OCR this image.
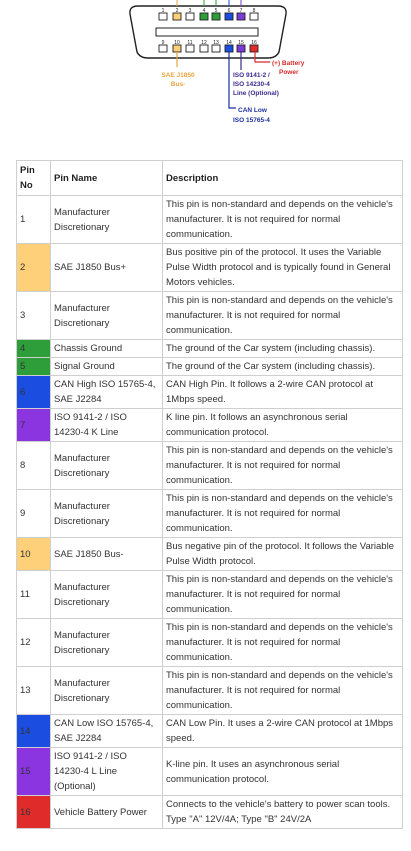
1 2 3 4 5 6 7 8
9 10 11 12 13 14 15 16
SAE J1850
Bus-
ISO 9141-2 /
ISO 14230-4
Line (Optional)
(+) Battery
Power
CAN Low
ISO 15765-4
Pin No	Pin Name	Description
1	Manufacturer Discretionary	This pin is non-standard and depends on the vehicle's manufacturer. It is not required for normal communication.
2	SAE J1850 Bus+	Bus positive pin of the protocol. It uses the Variable Pulse Width protocol and is typically found in General Motors vehicles.
3	Manufacturer Discretionary	This pin is non-standard and depends on the vehicle's manufacturer. It is not required for normal communication.
4	Chassis Ground	The ground of the Car system (including chassis).
5	Signal Ground	The ground of the Car system (including chassis).
6	CAN High ISO 15765-4, SAE J2284	CAN High Pin. It follows a 2-wire CAN protocol at 1Mbps speed.
7	ISO 9141-2 / ISO 14230-4 K Line	K line pin. It follows an asynchronous serial communication protocol.
8	Manufacturer Discretionary	This pin is non-standard and depends on the vehicle's manufacturer. It is not required for normal communication.
9	Manufacturer Discretionary	This pin is non-standard and depends on the vehicle's manufacturer. It is not required for normal communication.
10	SAE J1850 Bus-	Bus negative pin of the protocol. It follows the Variable Pulse Width protocol.
11	Manufacturer Discretionary	This pin is non-standard and depends on the vehicle's manufacturer. It is not required for normal communication.
12	Manufacturer Discretionary	This pin is non-standard and depends on the vehicle's manufacturer. It is not required for normal communication.
13	Manufacturer Discretionary	This pin is non-standard and depends on the vehicle's manufacturer. It is not required for normal communication.
14	CAN Low ISO 15765-4, SAE J2284	CAN Low Pin. It uses a 2-wire CAN protocol at 1Mbps speed.
15	ISO 9141-2 / ISO 14230-4 L Line (Optional)	K-line pin. It uses an asynchronous serial communication protocol.
16	Vehicle Battery Power	Connects to the vehicle's battery to power scan tools. Type "A" 12V/4A; Type "B" 24V/2A
